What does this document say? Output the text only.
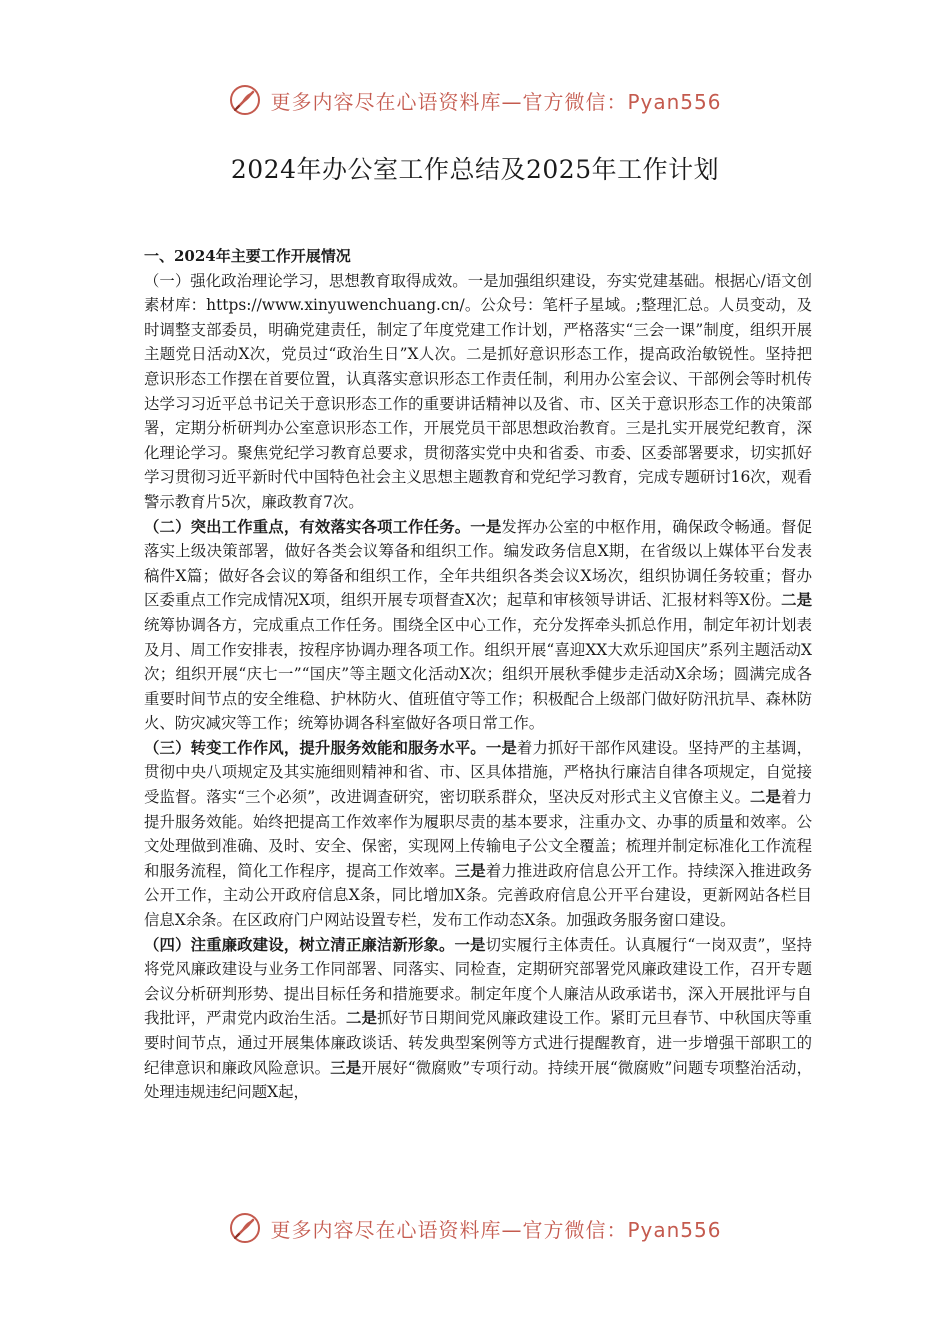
更多内容尽在心语资料库—官方微信：Pyan556
2024年办公室工作总结及2025年工作计划

一、2024年主要工作开展情况

（一）强化政治理论学习，思想教育取得成效。一是加强组织建设，夯实党建基础。根据心/语文创素材库：https://www.xinyuwenchuang.cn/。公众号：笔杆子星域。;整理汇总。人员变动，及时调整支部委员，明确党建责任，制定了年度党建工作计划，严格落实“三会一课”制度，组织开展主题党日活动X次，党员过“政治生日”X人次。二是抓好意识形态工作，提高政治敏锐性。坚持把意识形态工作摆在首要位置，认真落实意识形态工作责任制，利用办公室会议、干部例会等时机传达学习习近平总书记关于意识形态工作的重要讲话精神以及省、市、区关于意识形态工作的决策部署，定期分析研判办公室意识形态工作，开展党员干部思想政治教育。三是扎实开展党纪教育，深化理论学习。聚焦党纪学习教育总要求，贯彻落实党中央和省委、市委、区委部署要求，切实抓好学习贯彻习近平新时代中国特色社会主义思想主题教育和党纪学习教育，完成专题研讨16次，观看警示教育片5次，廉政教育7次。

（二）突出工作重点，有效落实各项工作任务。一是发挥办公室的中枢作用，确保政令畅通。督促落实上级决策部署，做好各类会议筹备和组织工作。编发政务信息X期，在省级以上媒体平台发表稿件X篇；做好各会议的筹备和组织工作，全年共组织各类会议X场次，组织协调任务较重；督办区委重点工作完成情况X项，组织开展专项督查X次；起草和审核领导讲话、汇报材料等X份。二是统筹协调各方，完成重点工作任务。围绕全区中心工作，充分发挥牵头抓总作用，制定年初计划表及月、周工作安排表，按程序协调办理各项工作。组织开展“喜迎XX大欢乐迎国庆”系列主题活动X次；组织开展“庆七一”“国庆”等主题文化活动X次；组织开展秋季健步走活动X余场；圆满完成各重要时间节点的安全维稳、护林防火、值班值守等工作；积极配合上级部门做好防汛抗旱、森林防火、防灾减灾等工作；统筹协调各科室做好各项日常工作。

（三）转变工作作风，提升服务效能和服务水平。一是着力抓好干部作风建设。坚持严的主基调，贯彻中央八项规定及其实施细则精神和省、市、区具体措施，严格执行廉洁自律各项规定，自觉接受监督。落实“三个必须”，改进调查研究，密切联系群众，坚决反对形式主义官僚主义。二是着力提升服务效能。始终把提高工作效率作为履职尽责的基本要求，注重办文、办事的质量和效率。公文处理做到准确、及时、安全、保密，实现网上传输电子公文全覆盖；梳理并制定标准化工作流程和服务流程，简化工作程序，提高工作效率。三是着力推进政府信息公开工作。持续深入推进政务公开工作，主动公开政府信息X条，同比增加X条。完善政府信息公开平台建设，更新网站各栏目信息X余条。在区政府门户网站设置专栏，发布工作动态X条。加强政务服务窗口建设。

（四）注重廉政建设，树立清正廉洁新形象。一是切实履行主体责任。认真履行“一岗双责”，坚持将党风廉政建设与业务工作同部署、同落实、同检查，定期研究部署党风廉政建设工作，召开专题会议分析研判形势、提出目标任务和措施要求。制定年度个人廉洁从政承诺书，深入开展批评与自我批评，严肃党内政治生活。二是抓好节日期间党风廉政建设工作。紧盯元旦春节、中秋国庆等重要时间节点，通过开展集体廉政谈话、转发典型案例等方式进行提醒教育，进一步增强干部职工的纪律意识和廉政风险意识。三是开展好“微腐败”专项行动。持续开展“微腐败”问题专项整治活动，处理违规违纪问题X起，

更多内容尽在心语资料库—官方微信：Pyan556
